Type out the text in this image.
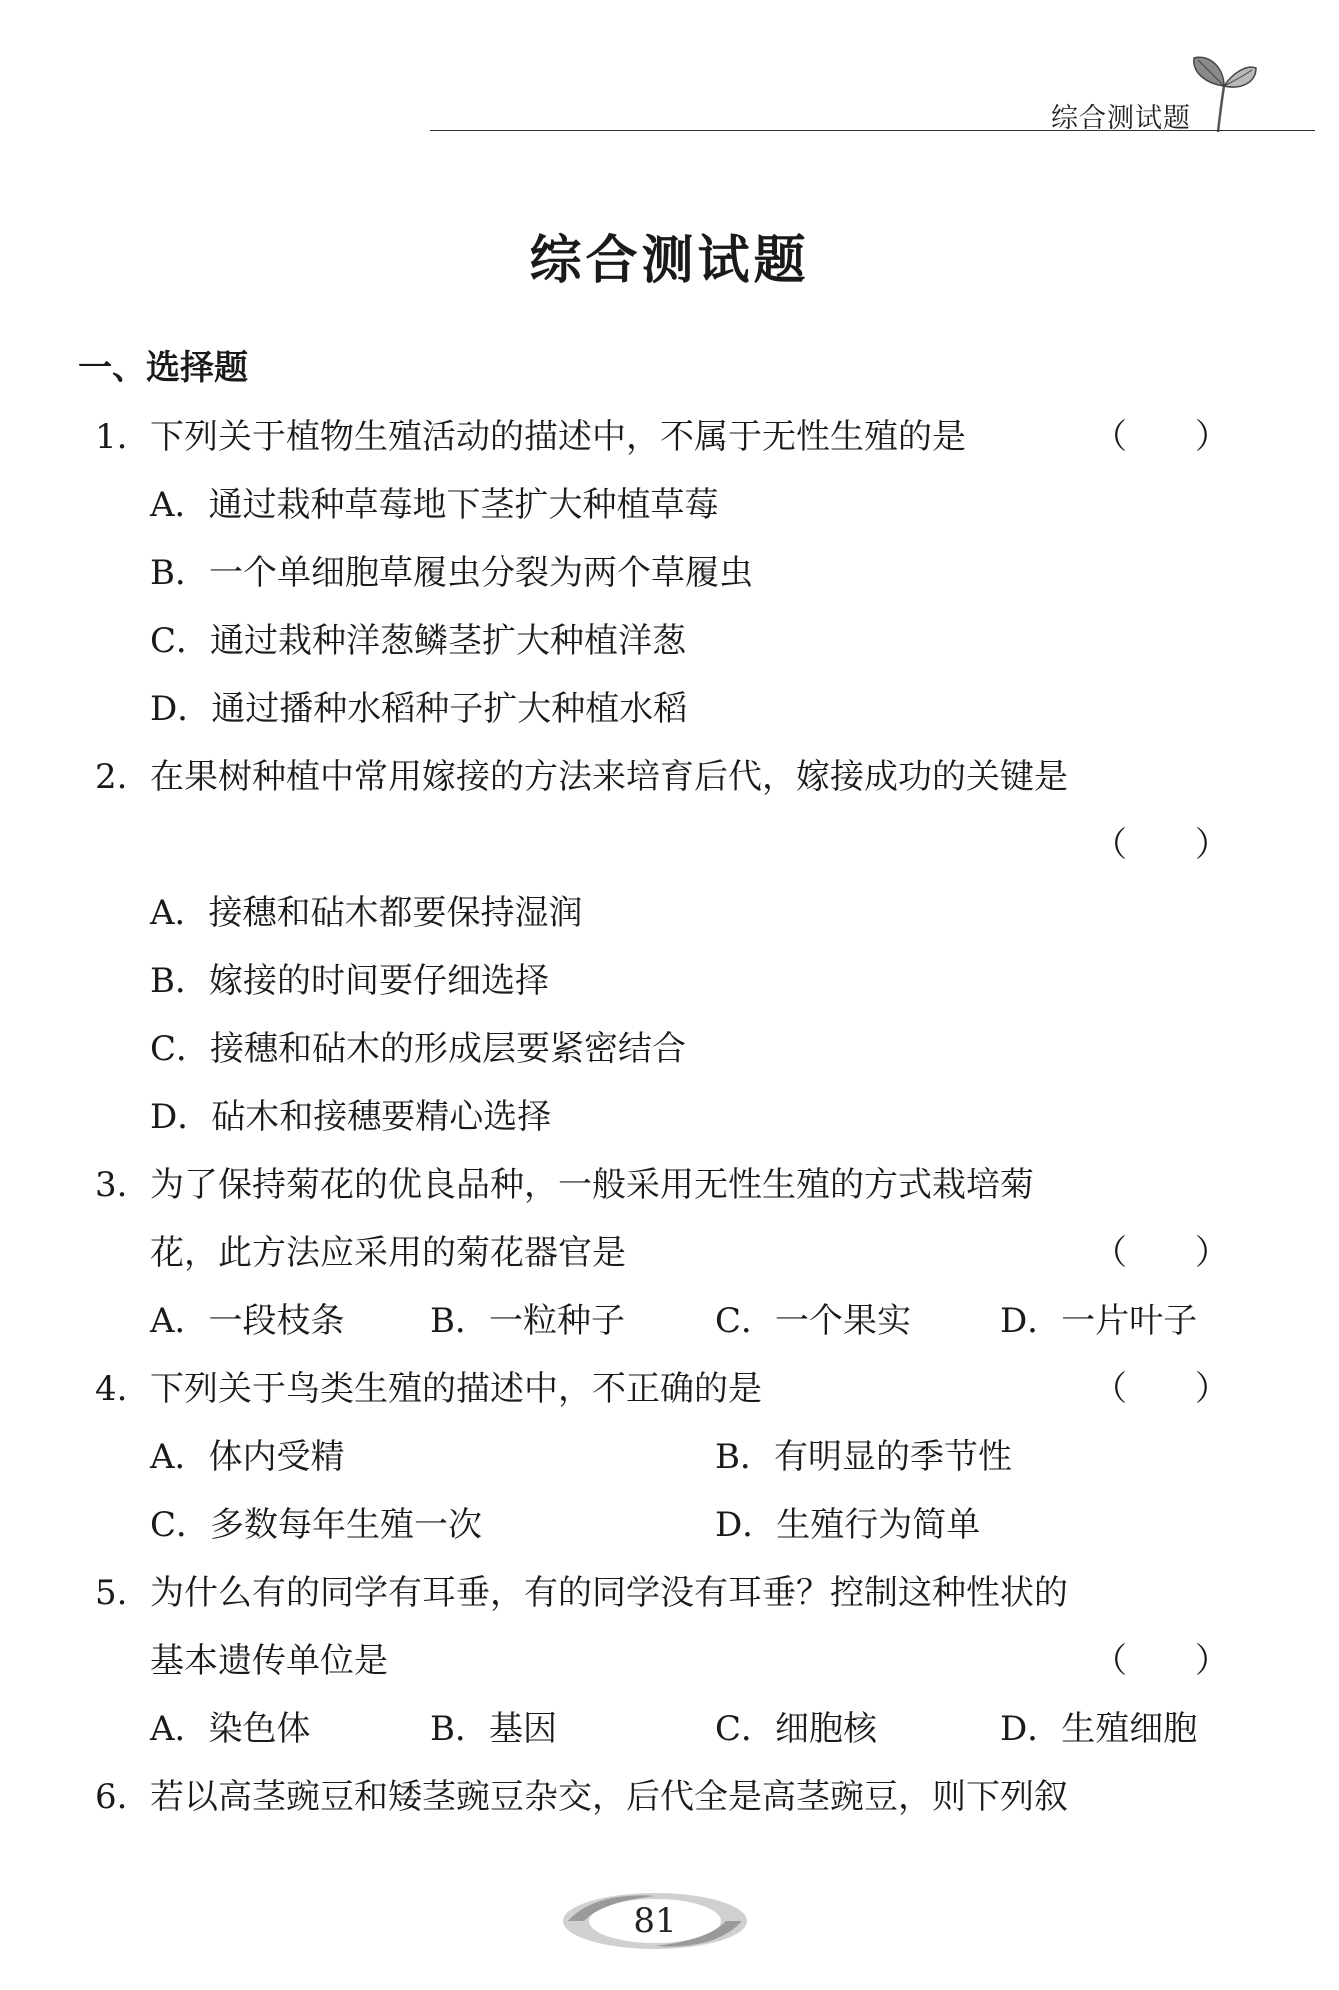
综合测试题
综合测试题
一、选择题
1. 下列关于植物生殖活动的描述中，不属于无性生殖的是	（　　）
A．通过栽种草莓地下茎扩大种植草莓
B．一个单细胞草履虫分裂为两个草履虫
C．通过栽种洋葱鳞茎扩大种植洋葱
D．通过播种水稻种子扩大种植水稻
2. 在果树种植中常用嫁接的方法来培育后代，嫁接成功的关键是
（　　）
A．接穗和砧木都要保持湿润
B．嫁接的时间要仔细选择
C．接穗和砧木的形成层要紧密结合
D．砧木和接穗要精心选择
3. 为了保持菊花的优良品种，一般采用无性生殖的方式栽培菊
花，此方法应采用的菊花器官是	（　　）
A．一段枝条	B．一粒种子	C．一个果实	D．一片叶子
4. 下列关于鸟类生殖的描述中，不正确的是	（　　）
A．体内受精	B．有明显的季节性
C．多数每年生殖一次	D．生殖行为简单
5. 为什么有的同学有耳垂，有的同学没有耳垂？控制这种性状的
基本遗传单位是	（　　）
A．染色体	B．基因	C．细胞核	D．生殖细胞
6. 若以高茎豌豆和矮茎豌豆杂交，后代全是高茎豌豆，则下列叙
81
